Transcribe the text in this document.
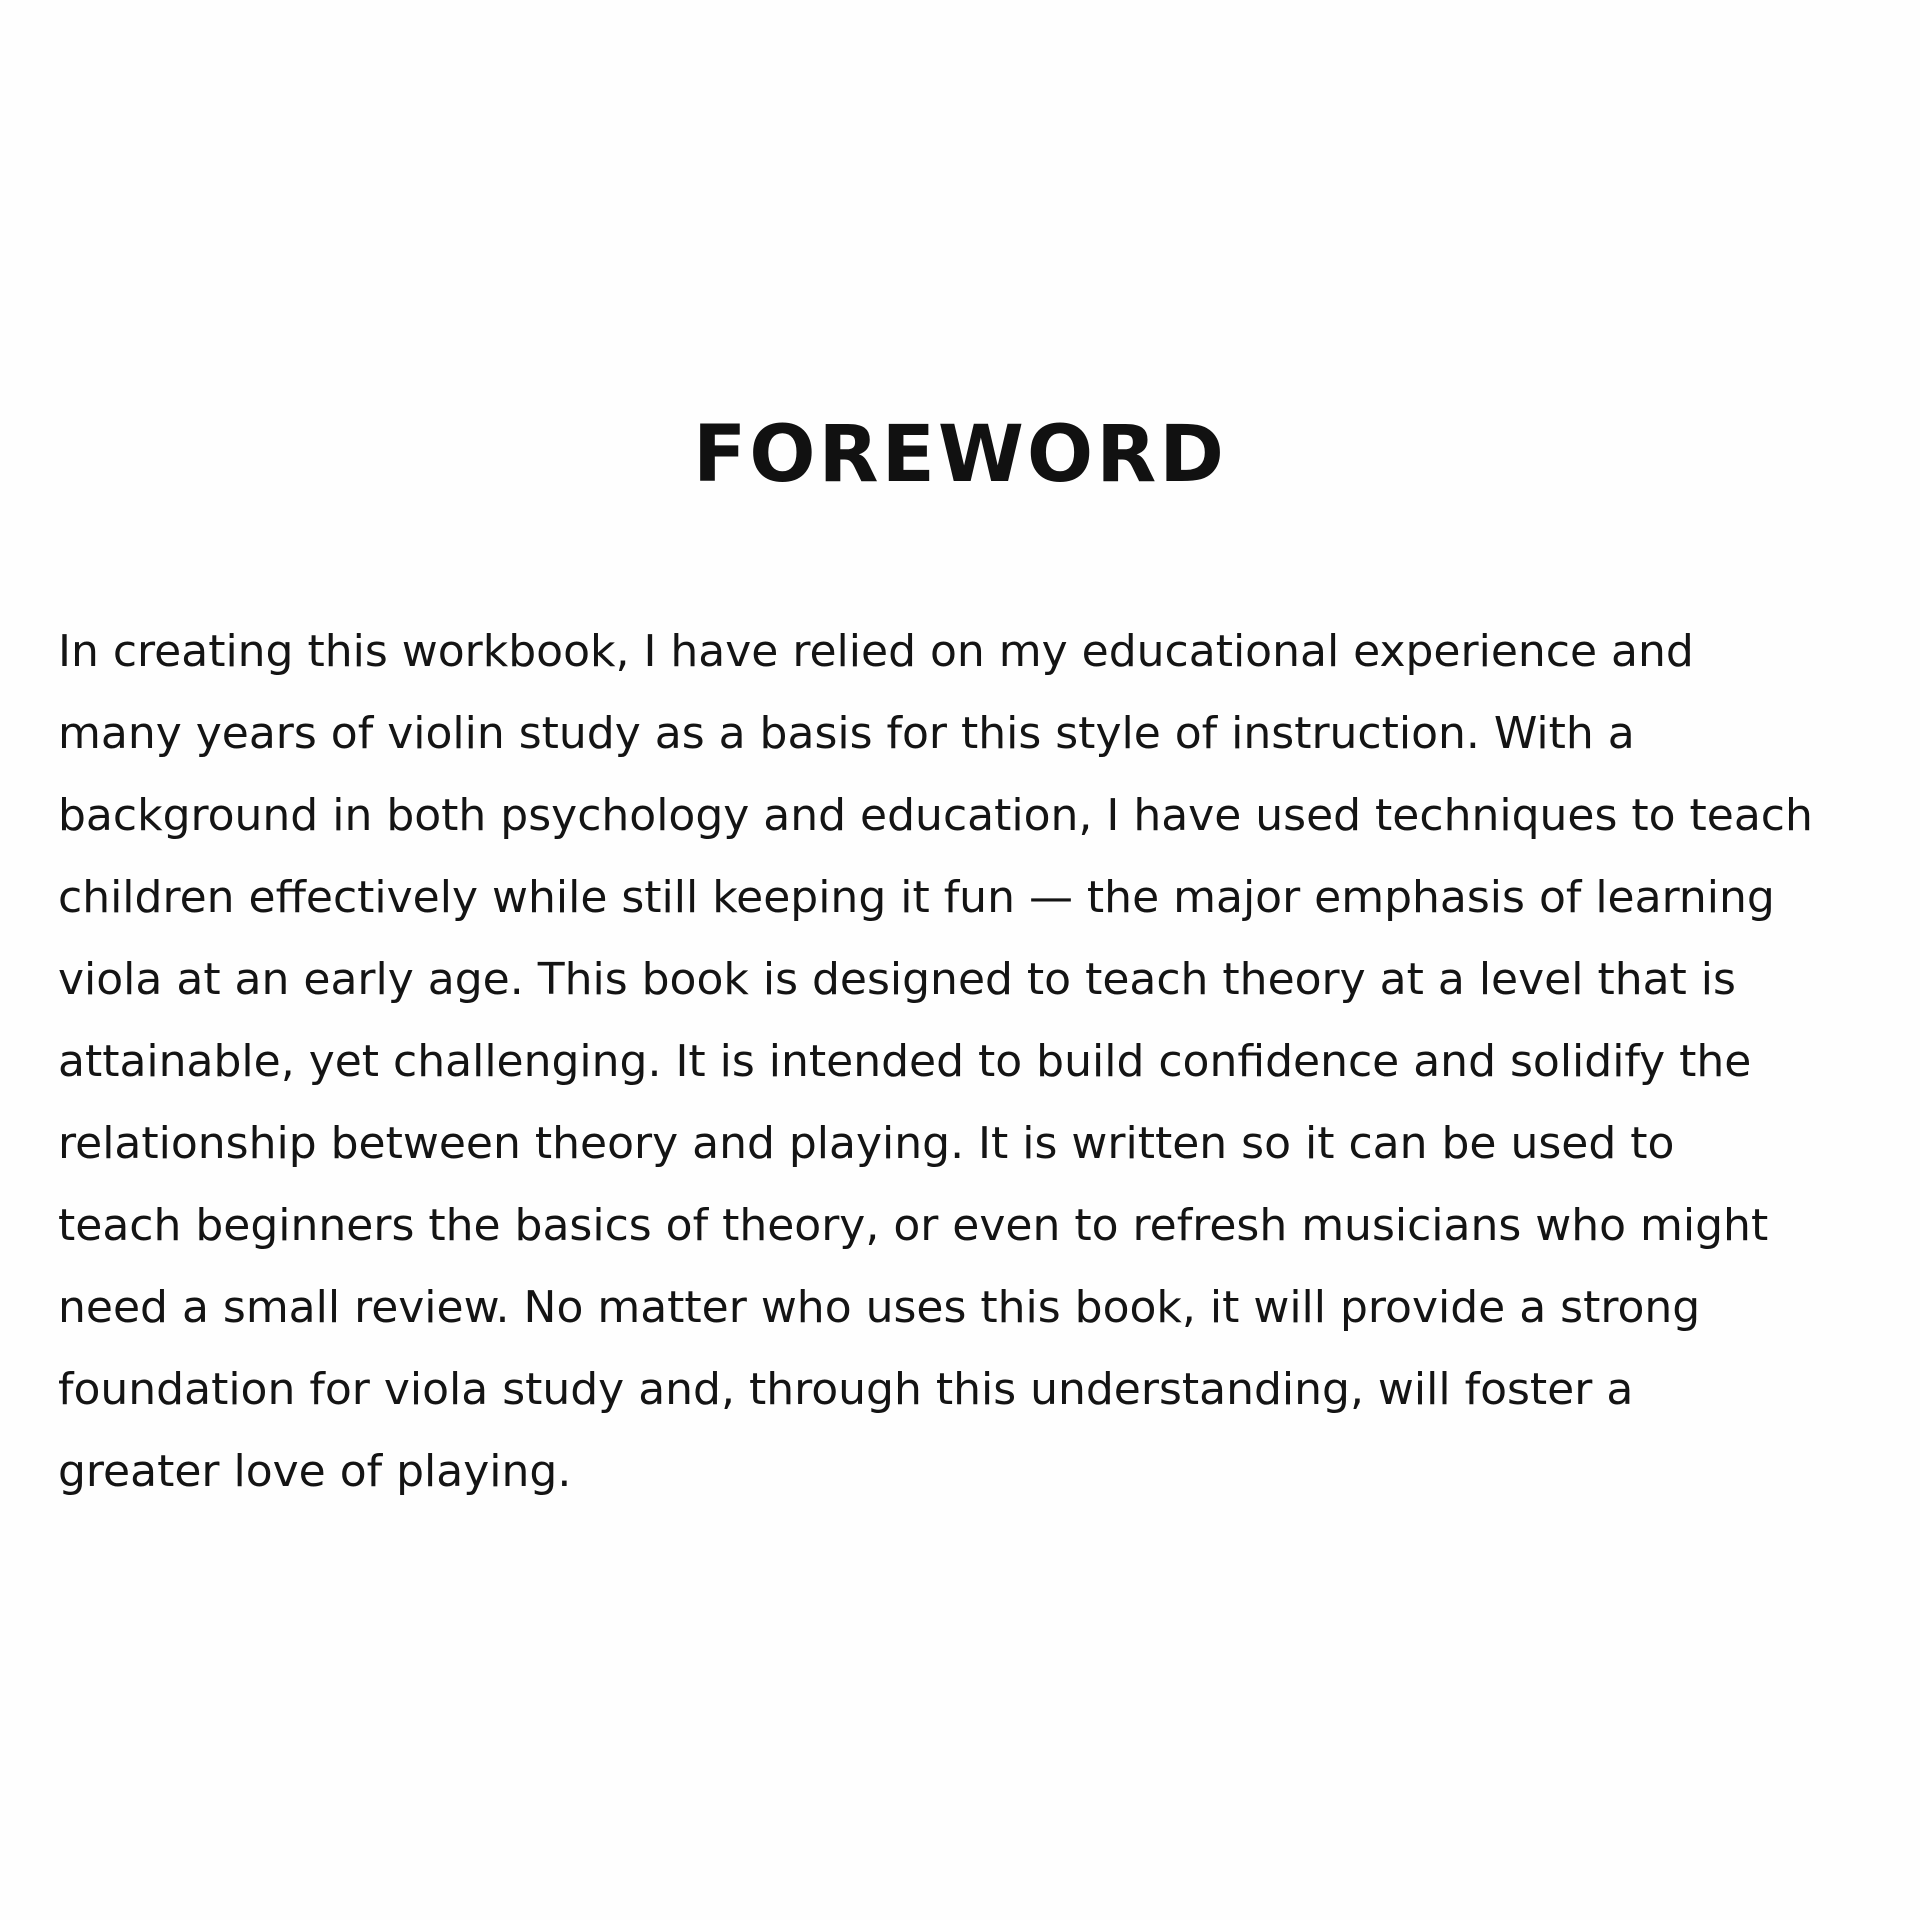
FOREWORD
In creating this workbook, I have relied on my educational experience and
many years of violin study as a basis for this style of instruction. With a
background in both psychology and education, I have used techniques to teach
children effectively while still keeping it fun — the major emphasis of learning
viola at an early age. This book is designed to teach theory at a level that is
attainable, yet challenging. It is intended to build confidence and solidify the
relationship between theory and playing. It is written so it can be used to
teach beginners the basics of theory, or even to refresh musicians who might
need a small review. No matter who uses this book, it will provide a strong
foundation for viola study and, through this understanding, will foster a
greater love of playing.
